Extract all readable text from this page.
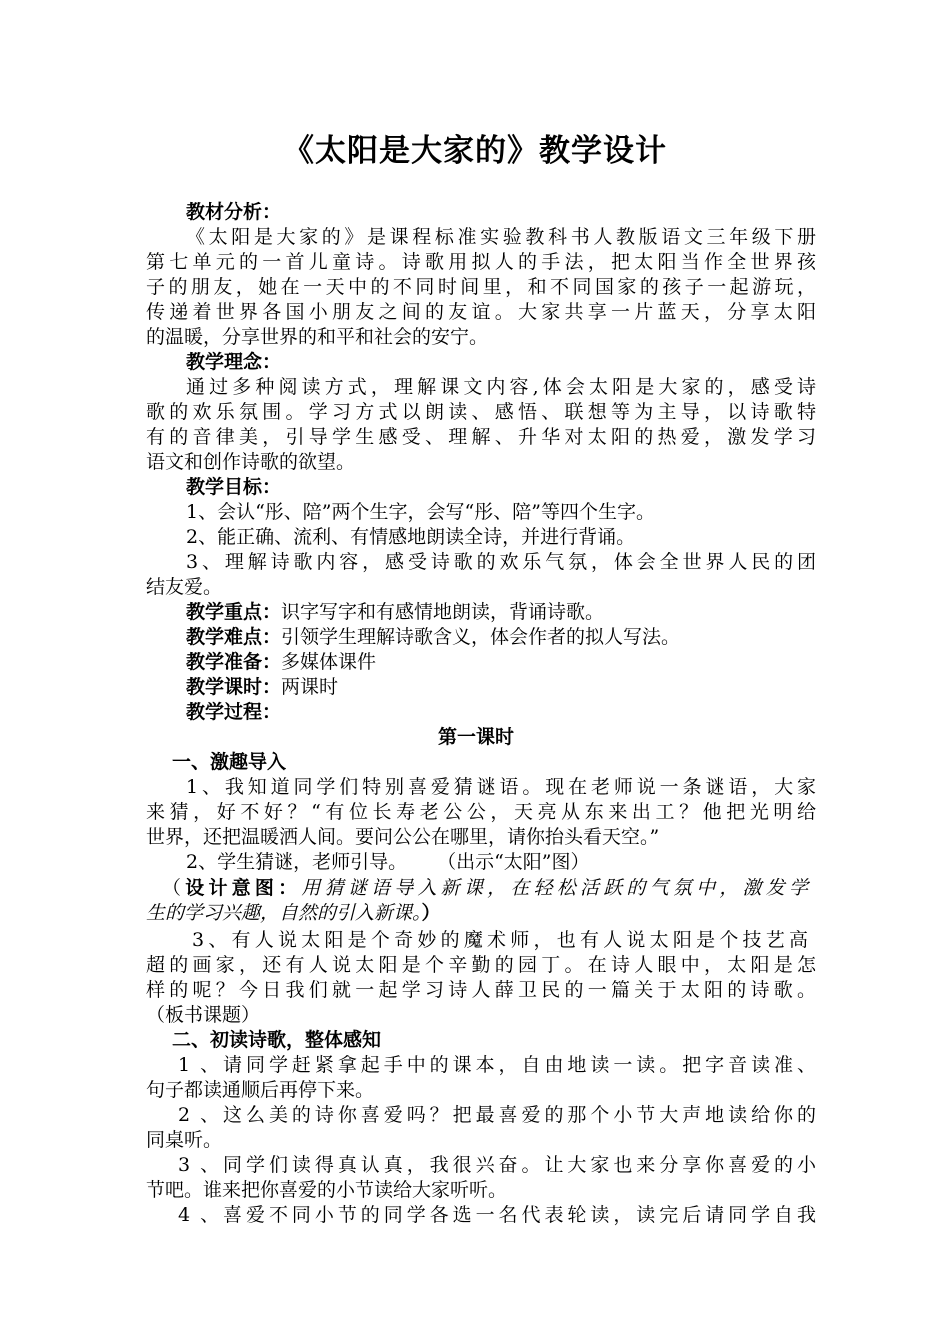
《太阳是大家的》教学设计
教材分析：
《太阳是大家的》是课程标准实验教科书人教版语文三年级下册
第七单元的一首儿童诗。诗歌用拟人的手法，把太阳当作全世界孩
子的朋友，她在一天中的不同时间里，和不同国家的孩子一起游玩，
传递着世界各国小朋友之间的友谊。大家共享一片蓝天，分享太阳
的温暖，分享世界的和平和社会的安宁。
教学理念：
通过多种阅读方式，理解课文内容,体会太阳是大家的，感受诗
歌的欢乐氛围。学习方式以朗读、感悟、联想等为主导，以诗歌特
有的音律美，引导学生感受、理解、升华对太阳的热爱，激发学习
语文和创作诗歌的欲望。
教学目标：
1、会认“彤、陪”两个生字，会写“彤、陪”等四个生字。
2、能正确、流利、有情感地朗读全诗，并进行背诵。
3、理解诗歌内容，感受诗歌的欢乐气氛，体会全世界人民的团
结友爱。
教学重点：识字写字和有感情地朗读，背诵诗歌。
教学难点：引领学生理解诗歌含义，体会作者的拟人写法。
教学准备：多媒体课件
教学课时：两课时
教学过程：
第一课时
一、激趣导入
1、我知道同学们特别喜爱猜谜语。现在老师说一条谜语，大家
来猜，好不好？“有位长寿老公公，天亮从东来出工？他把光明给
世界，还把温暖洒人间。要问公公在哪里，请你抬头看天空。”
2、学生猜谜，老师引导。 （出示“太阳”图）
（设计意图：用猜谜语导入新课，在轻松活跃的气氛中，激发学
生的学习兴趣，自然的引入新课。）
3、有人说太阳是个奇妙的魔术师，也有人说太阳是个技艺高
超的画家，还有人说太阳是个辛勤的园丁。在诗人眼中，太阳是怎
样的呢？今日我们就一起学习诗人薛卫民的一篇关于太阳的诗歌。
（板书课题）
二、初读诗歌，整体感知
1 、请同学赶紧拿起手中的课本，自由地读一读。把字音读准、
句子都读通顺后再停下来。
2 、这么美的诗你喜爱吗？把最喜爱的那个小节大声地读给你的
同桌听。
3 、同学们读得真认真，我很兴奋。让大家也来分享你喜爱的小
节吧。谁来把你喜爱的小节读给大家听听。
4 、喜爱不同小节的同学各选一名代表轮读，读完后请同学自我
